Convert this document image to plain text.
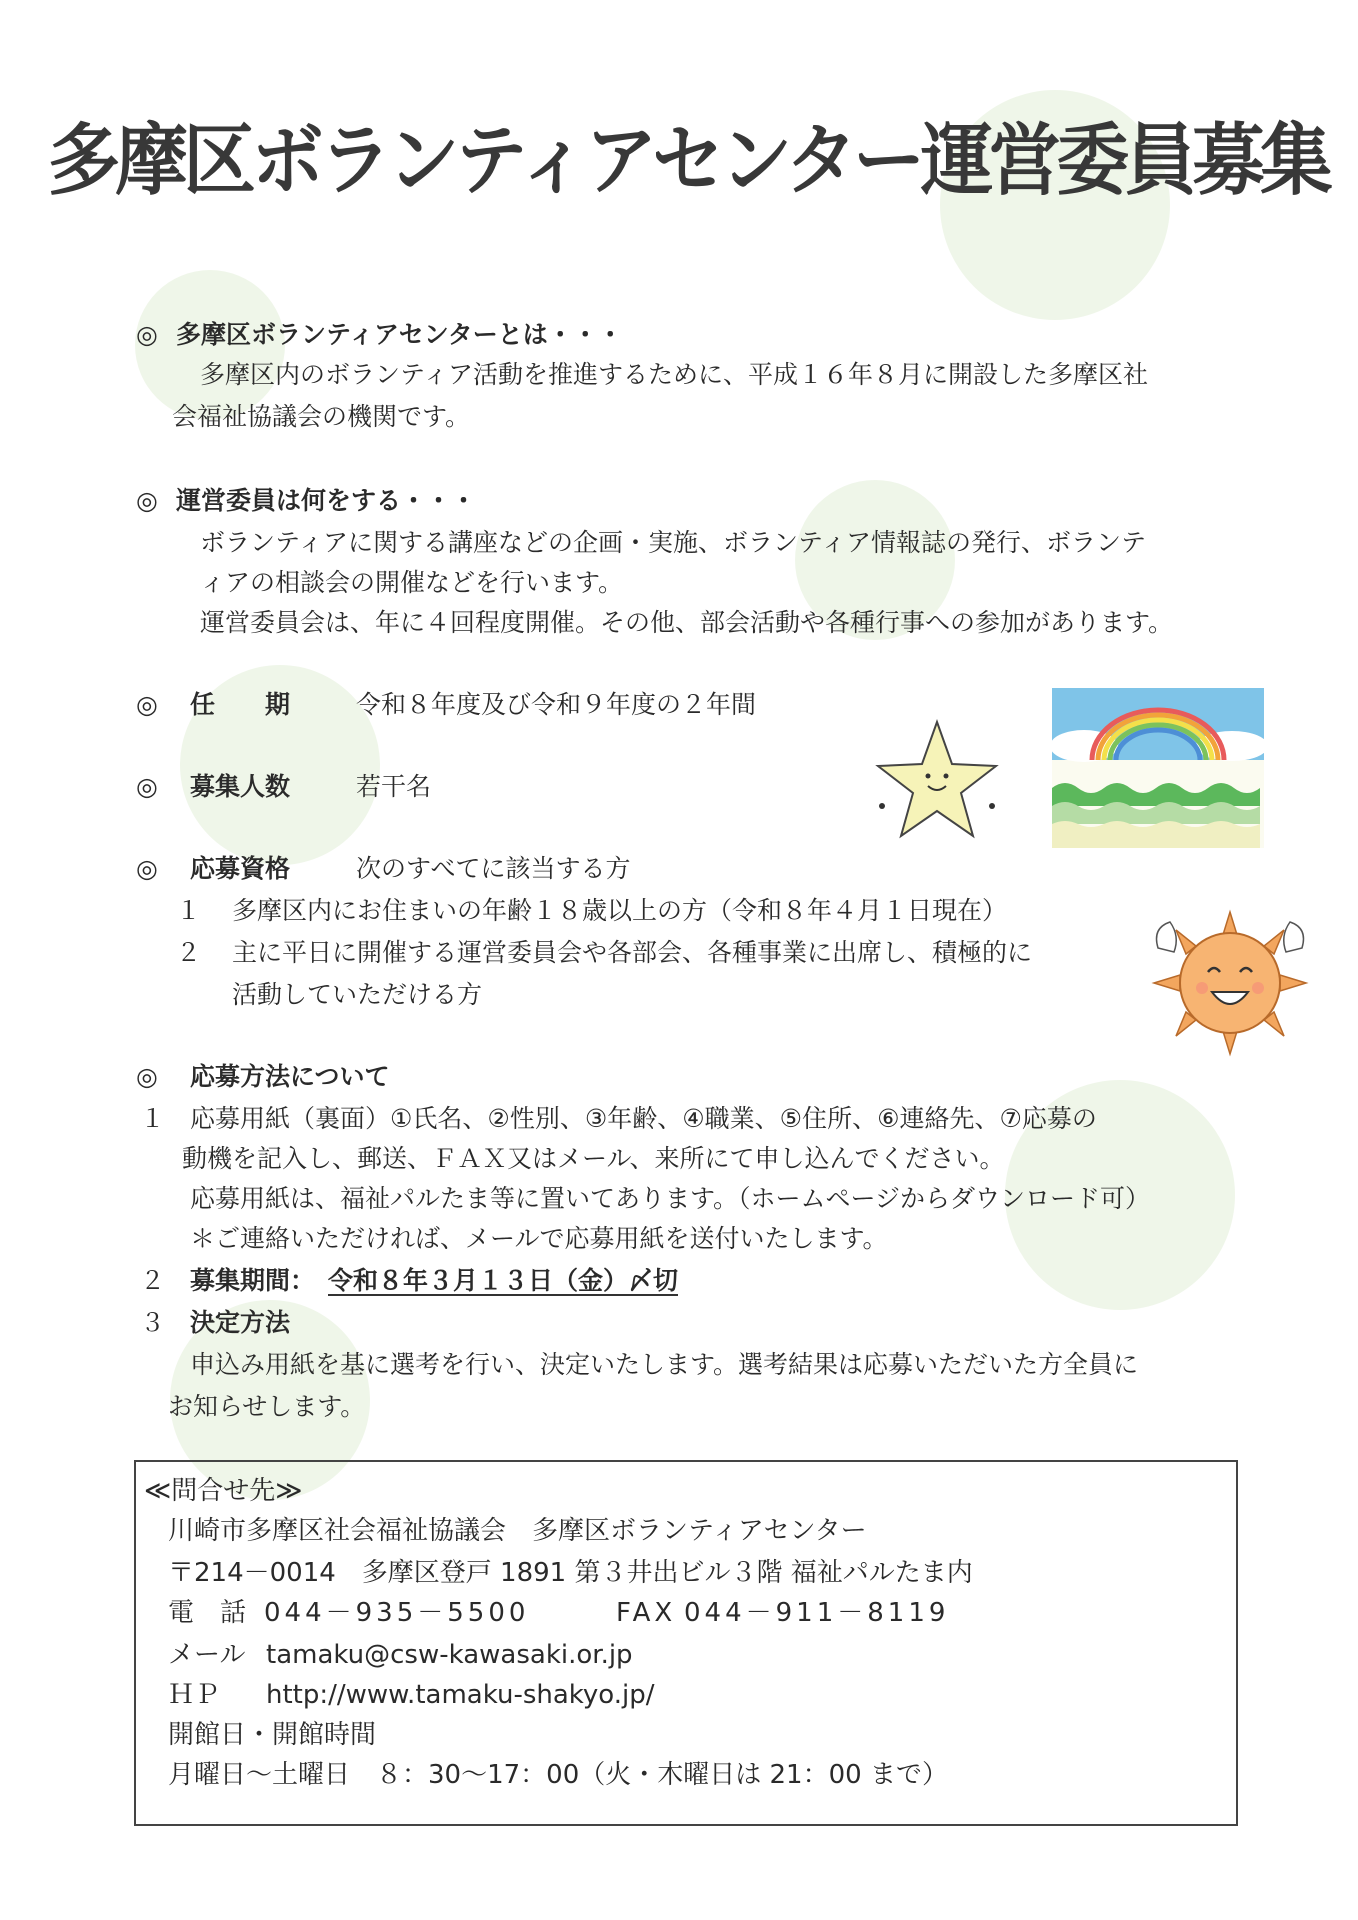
多摩区ボランティアセンター運営委員募集
◎ 多摩区ボランティアセンターとは・・・
多摩区内のボランティア活動を推進するために、平成１６年８月に開設した多摩区社
会福祉協議会の機関です。
◎ 運営委員は何をする・・・
ボランティアに関する講座などの企画・実施、ボランティア情報誌の発行、ボランテ
ィアの相談会の開催などを行います。
運営委員会は、年に４回程度開催。その他、部会活動や各種行事への参加があります。
◎ 任　　期	令和８年度及び令和９年度の２年間
◎ 募集人数	若干名
◎ 応募資格	次のすべてに該当する方
１ 多摩区内にお住まいの年齢１８歳以上の方（令和８年４月１日現在）
２ 主に平日に開催する運営委員会や各部会、各種事業に出席し、積極的に
活動していただける方
◎ 応募方法について
１ 応募用紙（裏面）①氏名、②性別、③年齢、④職業、⑤住所、⑥連絡先、⑦応募の
動機を記入し、郵送、ＦＡＸ又はメール、来所にて申し込んでください。
応募用紙は、福祉パルたま等に置いてあります。（ホームページからダウンロード可）
＊ご連絡いただければ、メールで応募用紙を送付いたします。
２ 募集期間： 令和８年３月１３日（金）〆切
３ 決定方法
申込み用紙を基に選考を行い、決定いたします。選考結果は応募いただいた方全員に
お知らせします。
≪問合せ先≫
川崎市多摩区社会福祉協議会　多摩区ボランティアセンター
〒214－0014　多摩区登戸 1891 第３井出ビル３階 福祉パルたま内
電　話 044－935－5500	FAX 044－911－8119
メール tamaku@csw-kawasaki.or.jp
ＨＰ http://www.tamaku-shakyo.jp/
開館日・開館時間
月曜日～土曜日　８：30～17：00（火・木曜日は 21：00 まで）
